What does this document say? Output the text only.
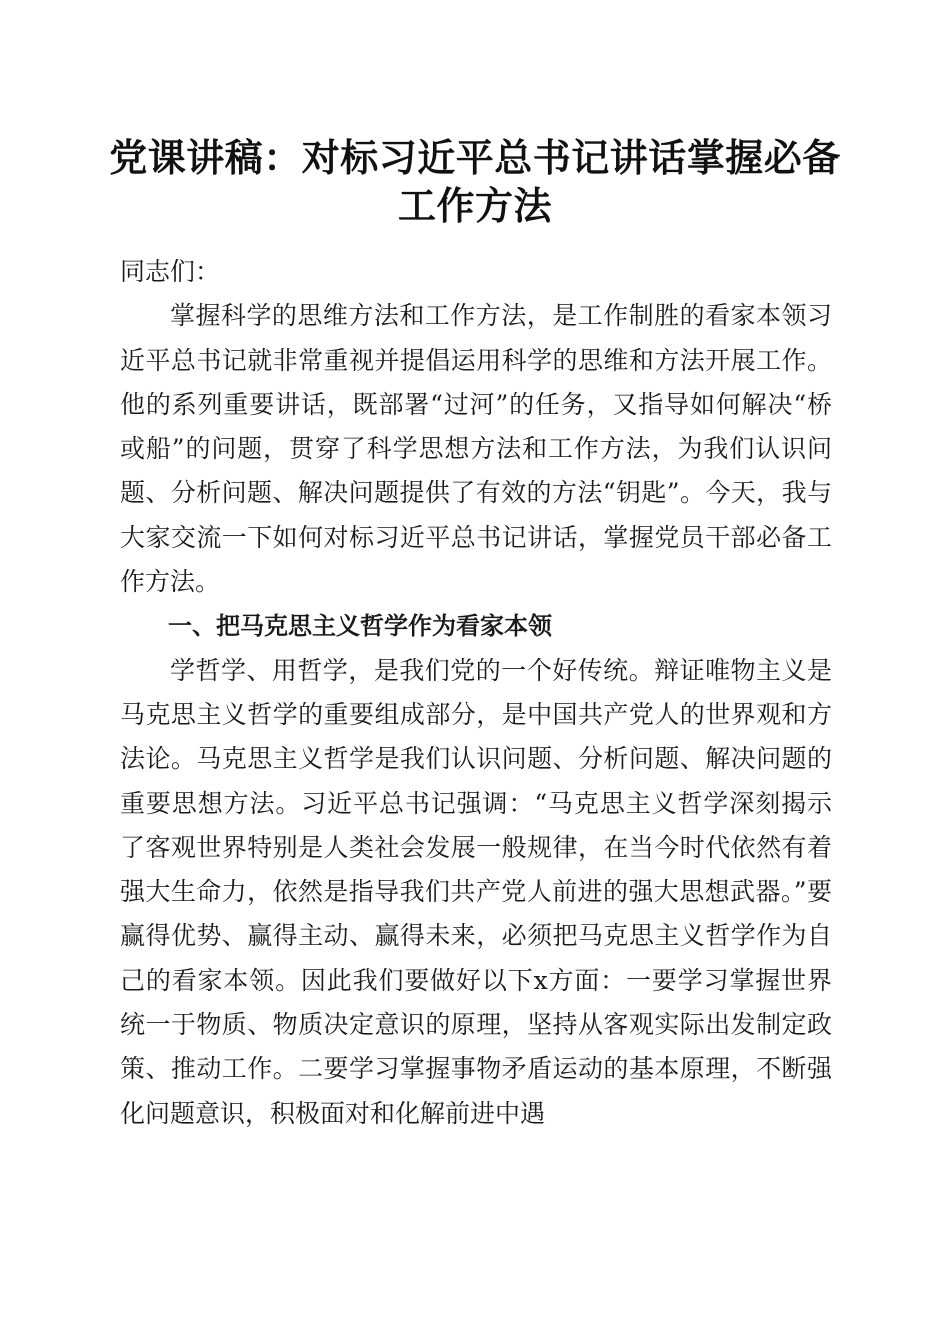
党课讲稿：对标习近平总书记讲话掌握必备工作方法

同志们：

掌握科学的思维方法和工作方法，是工作制胜的看家本领习近平总书记就非常重视并提倡运用科学的思维和方法开展工作。他的系列重要讲话，既部署“过河”的任务，又指导如何解决“桥或船”的问题，贯穿了科学思想方法和工作方法，为我们认识问题、分析问题、解决问题提供了有效的方法“钥匙”。今天，我与大家交流一下如何对标习近平总书记讲话，掌握党员干部必备工作方法。

一、把马克思主义哲学作为看家本领

学哲学、用哲学，是我们党的一个好传统。辩证唯物主义是马克思主义哲学的重要组成部分，是中国共产党人的世界观和方法论。马克思主义哲学是我们认识问题、分析问题、解决问题的重要思想方法。习近平总书记强调：“马克思主义哲学深刻揭示了客观世界特别是人类社会发展一般规律，在当今时代依然有着强大生命力，依然是指导我们共产党人前进的强大思想武器。”要赢得优势、赢得主动、赢得未来，必须把马克思主义哲学作为自己的看家本领。因此我们要做好以下x方面：一要学习掌握世界统一于物质、物质决定意识的原理，坚持从客观实际出发制定政策、推动工作。二要学习掌握事物矛盾运动的基本原理，不断强化问题意识，积极面对和化解前进中遇
